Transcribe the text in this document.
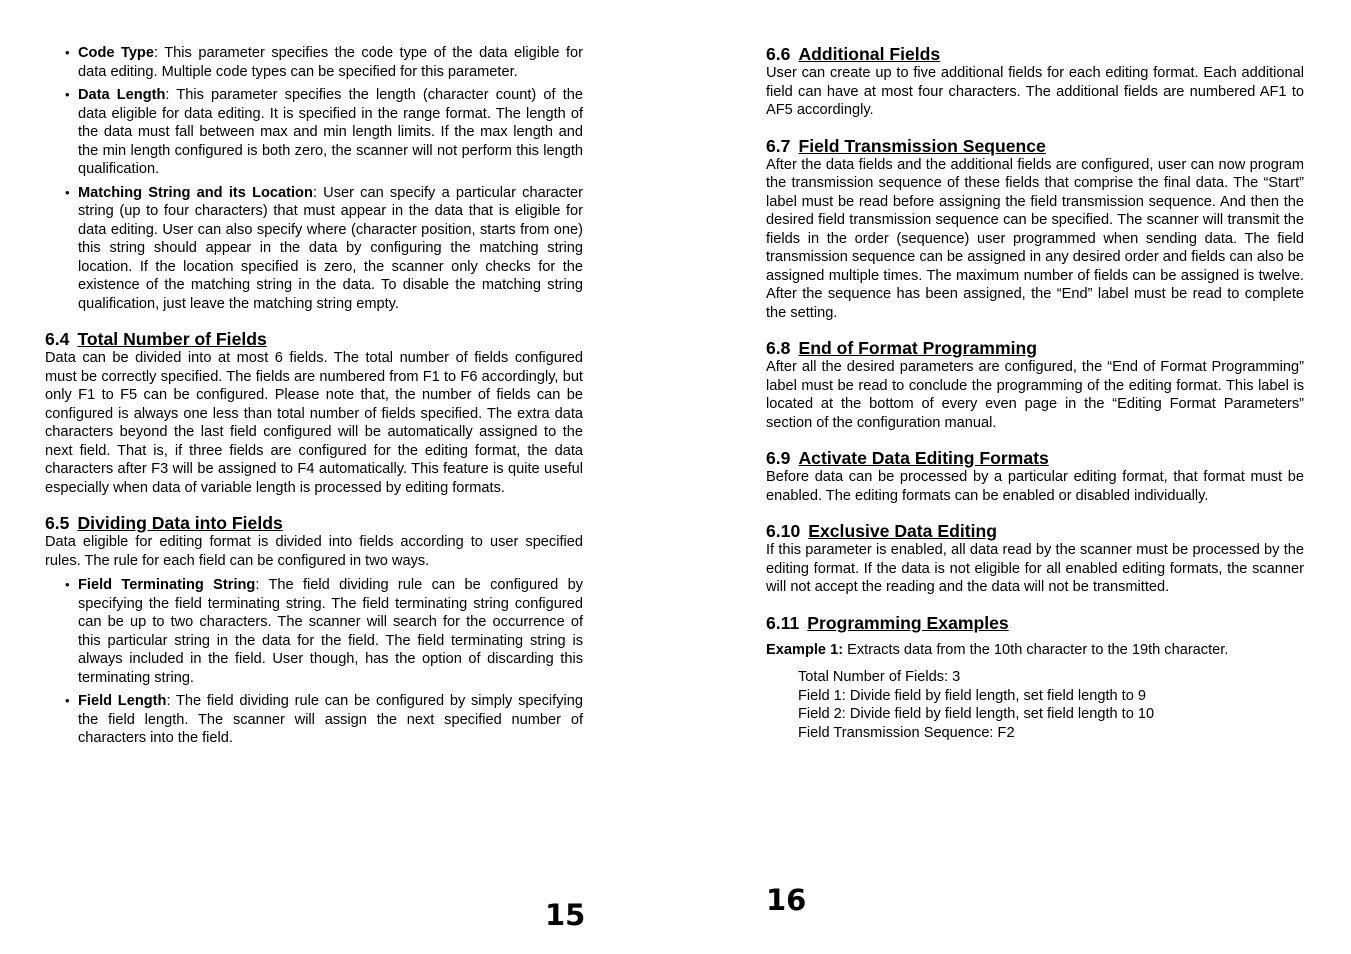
• Code Type: This parameter specifies the code type of the data eligible for data editing. Multiple code types can be specified for this parameter.
• Data Length: This parameter specifies the length (character count) of the data eligible for data editing. It is specified in the range format. The length of the data must fall between max and min length limits. If the max length and the min length configured is both zero, the scanner will not perform this length qualification.
• Matching String and its Location: User can specify a particular character string (up to four characters) that must appear in the data that is eligible for data editing. User can also specify where (character position, starts from one) this string should appear in the data by configuring the matching string location. If the location specified is zero, the scanner only checks for the existence of the matching string in the data. To disable the matching string qualification, just leave the matching string empty.
6.4 Total Number of Fields

Data can be divided into at most 6 fields. The total number of fields configured must be correctly specified. The fields are numbered from F1 to F6 accordingly, but only F1 to F5 can be configured. Please note that, the number of fields can be configured is always one less than total number of fields specified. The extra data characters beyond the last field configured will be automatically assigned to the next field. That is, if three fields are configured for the editing format, the data characters after F3 will be assigned to F4 automatically. This feature is quite useful especially when data of variable length is processed by editing formats.

6.5 Dividing Data into Fields

Data eligible for editing format is divided into fields according to user specified rules. The rule for each field can be configured in two ways.

• Field Terminating String: The field dividing rule can be configured by specifying the field terminating string. The field terminating string configured can be up to two characters. The scanner will search for the occurrence of this particular string in the data for the field. The field terminating string is always included in the field. User though, has the option of discarding this terminating string.
• Field Length: The field dividing rule can be configured by simply specifying the field length. The scanner will assign the next specified number of characters into the field.
15
6.6 Additional Fields

User can create up to five additional fields for each editing format. Each additional field can have at most four characters. The additional fields are numbered AF1 to AF5 accordingly.

6.7 Field Transmission Sequence

After the data fields and the additional fields are configured, user can now program the transmission sequence of these fields that comprise the final data. The “Start” label must be read before assigning the field transmission sequence. And then the desired field transmission sequence can be specified. The scanner will transmit the fields in the order (sequence) user programmed when sending data. The field transmission sequence can be assigned in any desired order and fields can also be assigned multiple times. The maximum number of fields can be assigned is twelve. After the sequence has been assigned, the “End” label must be read to complete the setting.

6.8 End of Format Programming

After all the desired parameters are configured, the “End of Format Programming” label must be read to conclude the programming of the editing format. This label is located at the bottom of every even page in the “Editing Format Parameters” section of the configuration manual.

6.9 Activate Data Editing Formats

Before data can be processed by a particular editing format, that format must be enabled. The editing formats can be enabled or disabled individually.

6.10 Exclusive Data Editing

If this parameter is enabled, all data read by the scanner must be processed by the editing format. If the data is not eligible for all enabled editing formats, the scanner will not accept the reading and the data will not be transmitted.

6.11 Programming Examples

Example 1: Extracts data from the 10th character to the 19th character.

Total Number of Fields: 3
Field 1: Divide field by field length, set field length to 9
Field 2: Divide field by field length, set field length to 10
Field Transmission Sequence: F2
16
